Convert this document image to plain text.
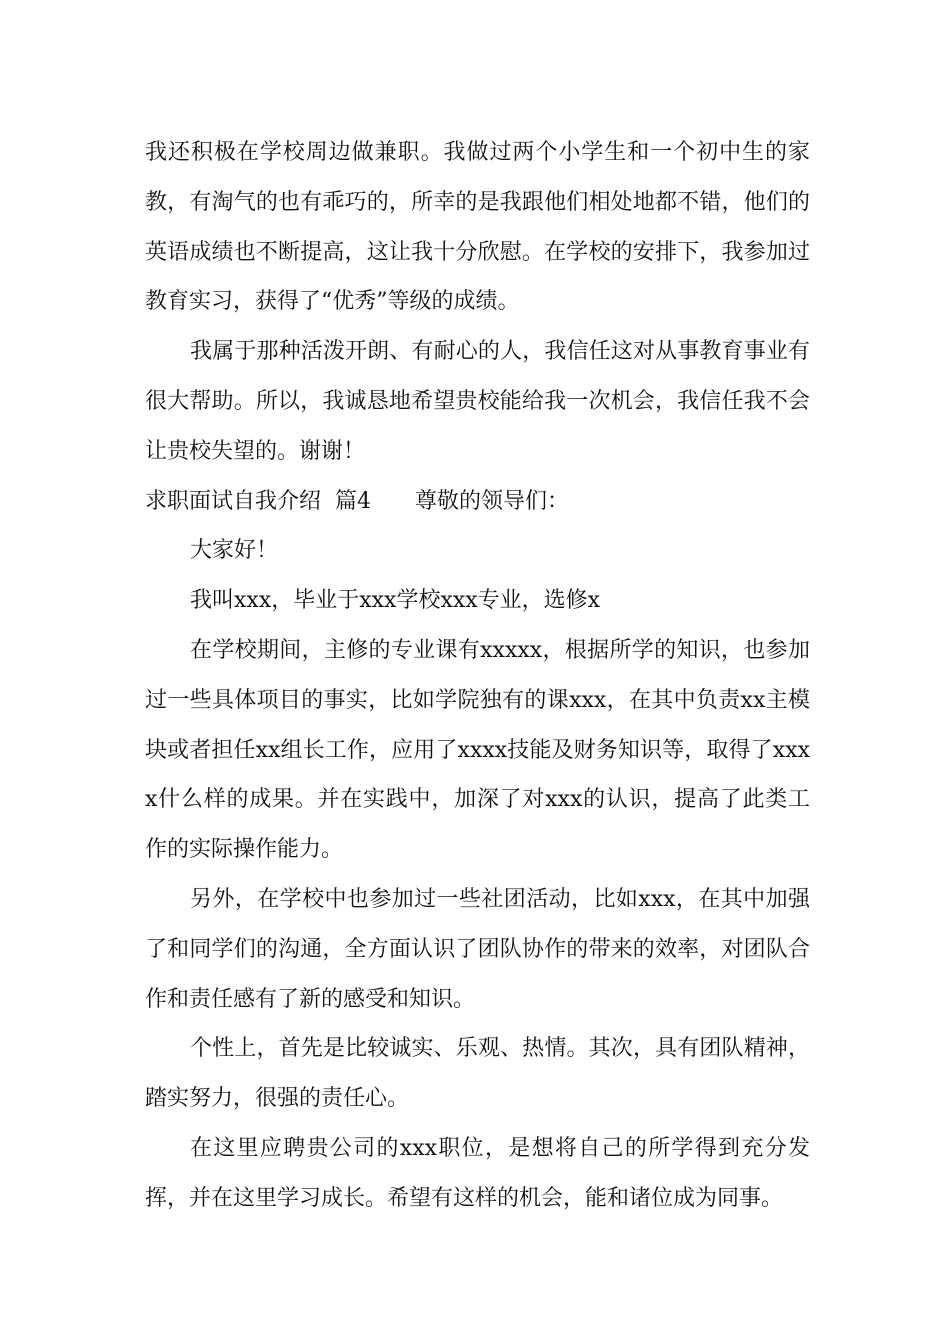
我还积极在学校周边做兼职。我做过两个小学生和一个初中生的家教，有淘气的也有乖巧的，所幸的是我跟他们相处地都不错，他们的英语成绩也不断提高，这让我十分欣慰。在学校的安排下，我参加过教育实习，获得了“优秀”等级的成绩。

我属于那种活泼开朗、有耐心的人，我信任这对从事教育事业有很大帮助。所以，我诚恳地希望贵校能给我一次机会，我信任我不会让贵校失望的。谢谢！

求职面试自我介绍  篇4 尊敬的领导们：

大家好！

我叫xxx，毕业于xxx学校xxx专业，选修x

在学校期间，主修的专业课有xxxxx，根据所学的知识，也参加过一些具体项目的事实，比如学院独有的课xxx，在其中负责xx主模块或者担任xx组长工作，应用了xxxx技能及财务知识等，取得了xxxx什么样的成果。并在实践中，加深了对xxx的认识，提高了此类工作的实际操作能力。

另外，在学校中也参加过一些社团活动，比如xxx，在其中加强了和同学们的沟通，全方面认识了团队协作的带来的效率，对团队合作和责任感有了新的感受和知识。

个性上，首先是比较诚实、乐观、热情。其次，具有团队精神，踏实努力，很强的责任心。

在这里应聘贵公司的xxx职位，是想将自己的所学得到充分发挥，并在这里学习成长。希望有这样的机会，能和诸位成为同事。
